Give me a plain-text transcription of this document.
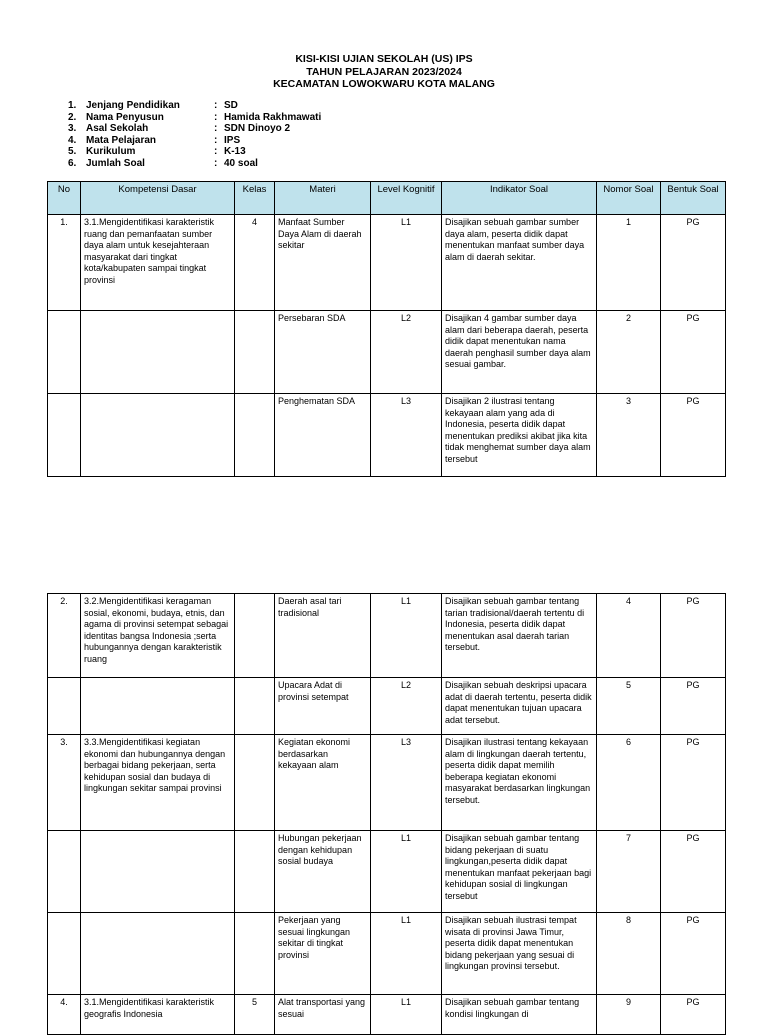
KISI-KISI UJIAN SEKOLAH (US) IPS
TAHUN PELAJARAN 2023/2024
KECAMATAN LOWOKWARU KOTA MALANG
1. Jenjang Pendidikan	: SD
2. Nama Penyusun	: Hamida Rakhmawati
3. Asal Sekolah	: SDN Dinoyo 2
4. Mata Pelajaran	: IPS
5. Kurikulum	: K-13
6. Jumlah Soal	: 40 soal
No	Kompetensi Dasar	Kelas	Materi	Level Kognitif	Indikator Soal	Nomor Soal	Bentuk Soal
1.	3.1.Mengidentifikasi karakteristik ruang dan pemanfaatan sumber daya alam untuk kesejahteraan masyarakat dari tingkat kota/kabupaten sampai tingkat provinsi	4	Manfaat Sumber Daya Alam di daerah sekitar	L1	Disajikan sebuah gambar sumber daya alam, peserta didik dapat menentukan manfaat sumber daya alam di daerah sekitar.	1	PG
			Persebaran SDA	L2	Disajikan 4 gambar sumber daya alam dari beberapa daerah, peserta didik dapat menentukan nama daerah penghasil sumber daya alam sesuai gambar.	2	PG
			Penghematan SDA	L3	Disajikan 2 ilustrasi tentang kekayaan alam yang ada di Indonesia, peserta didik dapat menentukan prediksi akibat jika kita tidak menghemat sumber daya alam tersebut	3	PG
2.	3.2.Mengidentifikasi keragaman sosial, ekonomi, budaya, etnis, dan agama di provinsi setempat sebagai identitas bangsa Indonesia ;serta hubungannya dengan karakteristik ruang		Daerah asal tari tradisional	L1	Disajikan sebuah gambar tentang tarian tradisional/daerah tertentu di Indonesia, peserta didik dapat menentukan asal daerah tarian tersebut.	4	PG
			Upacara Adat di provinsi setempat	L2	Disajikan sebuah deskripsi upacara adat di daerah tertentu, peserta didik dapat menentukan tujuan upacara adat tersebut.	5	PG
3.	3.3.Mengidentifikasi kegiatan ekonomi dan hubungannya dengan berbagai bidang pekerjaan, serta kehidupan sosial dan budaya di lingkungan sekitar sampai provinsi		Kegiatan ekonomi berdasarkan kekayaan alam	L3	Disajikan ilustrasi tentang kekayaan alam di lingkungan daerah tertentu, peserta didik dapat memilih beberapa kegiatan ekonomi masyarakat berdasarkan lingkungan tersebut.	6	PG
			Hubungan pekerjaan dengan kehidupan sosial budaya	L1	Disajikan sebuah gambar tentang bidang pekerjaan di suatu lingkungan,peserta didik dapat menentukan manfaat pekerjaan bagi kehidupan sosial di lingkungan tersebut	7	PG
			Pekerjaan yang sesuai lingkungan sekitar di tingkat provinsi	L1	Disajikan sebuah ilustrasi tempat wisata di provinsi Jawa Timur, peserta didik dapat menentukan bidang pekerjaan yang sesuai di lingkungan provinsi tersebut.	8	PG
4.	3.1.Mengidentifikasi karakteristik geografis Indonesia	5	Alat transportasi yang sesuai	L1	Disajikan sebuah gambar tentang kondisi lingkungan di	9	PG
